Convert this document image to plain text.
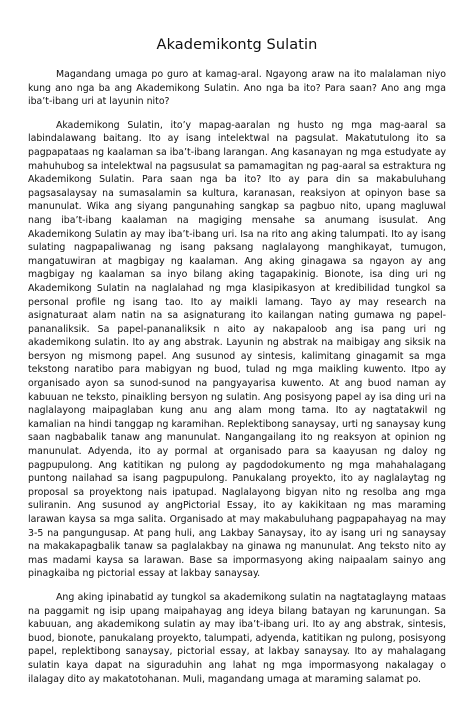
Akademikontg Sulatin

Magandang umaga po guro at kamag-aral. Ngayong araw na ito malalaman niyo kung ano nga ba ang Akademikong Sulatin. Ano nga ba ito? Para saan? Ano ang mga iba’t-ibang uri at layunin nito?

Akademikong Sulatin, ito’y mapag-aaralan ng husto ng mga mag-aaral sa labindalawang baitang. Ito ay isang intelektwal na pagsulat. Makatutulong ito sa pagpapataas ng kaalaman sa iba’t-ibang larangan. Ang kasanayan ng mga estudyate ay mahuhubog sa intelektwal na pagsusulat sa pamamagitan ng pag-aaral sa estraktura ng Akademikong Sulatin. Para saan nga ba ito? Ito ay para din sa makabuluhang pagsasalaysay na sumasalamin sa kultura, karanasan, reaksiyon at opinyon base sa manunulat. Wika ang siyang pangunahing sangkap sa pagbuo nito, upang magluwal nang iba’t-ibang kaalaman na magiging mensahe sa anumang isusulat. Ang Akademikong Sulatin ay may iba’t-ibang uri. Isa na rito ang aking talumpati. Ito ay isang sulating nagpapaliwanag ng isang paksang naglalayong manghikayat, tumugon, mangatuwiran at magbigay ng kaalaman. Ang aking ginagawa sa ngayon ay ang magbigay ng kaalaman sa inyo bilang aking tagapakinig. Bionote, isa ding uri ng Akademikong Sulatin na naglalahad ng mga klasipikasyon at kredibilidad tungkol sa personal profile ng isang tao. Ito ay maikli lamang. Tayo ay may research na asignaturaat alam natin na sa asignaturang ito kailangan nating gumawa ng papel-pananaliksik. Sa papel-pananaliksik n aito ay nakapaloob ang isa pang uri ng akademikong sulatin. Ito ay ang abstrak. Layunin ng abstrak na maibigay ang siksik na bersyon ng mismong papel. Ang susunod ay sintesis, kalimitang ginagamit sa mga tekstong naratibo para mabigyan ng buod, tulad ng mga maikling kuwento. Itpo ay organisado ayon sa sunod-sunod na pangyayarisa kuwento. At ang buod naman ay kabuuan ne teksto, pinaikling bersyon ng sulatin. Ang posisyong papel ay isa ding uri na naglalayong maipaglaban kung anu ang alam mong tama. Ito ay nagtatakwil ng kamalian na hindi tanggap ng karamihan. Replektibong sanaysay, urti ng sanaysay kung saan nagbabalik tanaw ang manunulat. Nangangailang ito ng reaksyon at opinion ng manunulat. Adyenda, ito ay pormal at organisado para sa kaayusan ng daloy ng pagpupulong. Ang katitikan ng pulong ay pagdodokumento ng mga mahahalagang puntong nailahad sa isang pagpupulong. Panukalang proyekto, ito ay naglalaytag ng proposal sa proyektong nais ipatupad. Naglalayong bigyan nito ng resolba ang mga suliranin. Ang susunod ay angPictorial Essay, ito ay kakikitaan ng mas maraming larawan kaysa sa mga salita. Organisado at may makabuluhang pagpapahayag na may 3-5 na pangungusap. At pang huli, ang Lakbay Sanaysay, ito ay isang uri ng sanaysay na makakapagbalik tanaw sa paglalakbay na ginawa ng manunulat. Ang teksto nito ay mas madami kaysa sa larawan. Base sa impormasyong aking naipaalam sainyo ang pinagkaiba ng pictorial essay at lakbay sanaysay.

Ang aking ipinabatid ay tungkol sa akademikong sulatin na nagtataglayng mataas na paggamit ng isip upang maipahayag ang ideya bilang batayan ng karunungan. Sa kabuuan, ang akademikong sulatin ay may iba’t-ibang uri. Ito ay ang abstrak, sintesis, buod, bionote, panukalang proyekto, talumpati, adyenda, katitikan ng pulong, posisyong papel, replektibong sanaysay, pictorial essay, at lakbay sanaysay. Ito ay mahalagang sulatin kaya dapat na siguraduhin ang lahat ng mga impormasyong nakalagay o ilalagay dito ay makatotohanan. Muli, magandang umaga at maraming salamat po.
